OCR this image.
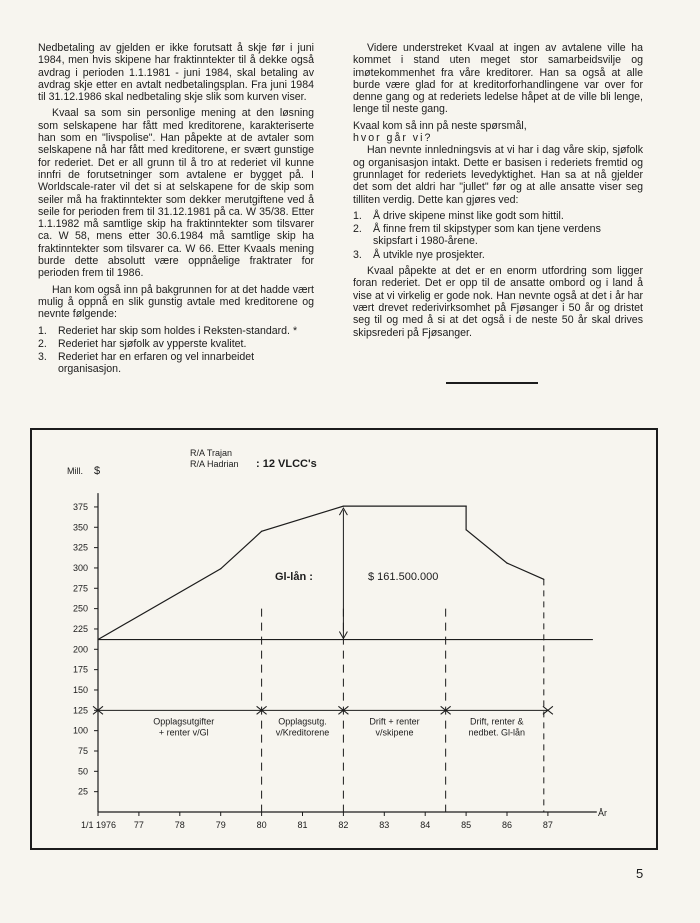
Nedbetaling av gjelden er ikke forutsatt å skje før i juni 1984, men hvis skipene har fraktinntekter til å dekke også avdrag i perioden 1.1.1981 - juni 1984, skal betaling av avdrag skje etter en avtalt nedbetalingsplan. Fra juni 1984 til 31.12.1986 skal nedbetaling skje slik som kurven viser.

Kvaal sa som sin personlige mening at den løsning som selskapene har fått med kreditorene, karakteriserte han som en "livspolise". Han påpekte at de avtaler som selskapene nå har fått med kreditorene, er svært gunstige for rederiet. Det er all grunn til å tro at rederiet vil kunne innfri de forutsetninger som avtalene er bygget på. I Worldscale-rater vil det si at selskapene for de skip som seiler må ha fraktinntekter som dekker merutgiftene ved å seile for perioden frem til 31.12.1981 på ca. W 35/38. Etter 1.1.1982 må samtlige skip ha fraktinntekter som tilsvarer ca. W 58, mens etter 30.6.1984 må samtlige skip ha fraktinntekter som tilsvarer ca. W 66. Etter Kvaals mening burde dette absolutt være oppnåelige fraktrater for perioden frem til 1986.

Han kom også inn på bakgrunnen for at det hadde vært mulig å oppnå en slik gunstig avtale med kreditorene og nevnte følgende:

1. Rederiet har skip som holdes i Reksten-standard. *
2. Rederiet har sjøfolk av ypperste kvalitet.
3. Rederiet har en erfaren og vel innarbeidet organisasjon.

Videre understreket Kvaal at ingen av avtalene ville ha kommet i stand uten meget stor samarbeidsvilje og imøtekommenhet fra våre kreditorer. Han sa også at alle burde være glad for at kreditorforhandlingene var over for denne gang og at rederiets ledelse håpet at de ville bli lenge, lenge til neste gang.

Kvaal kom så inn på neste spørsmål,

hvor går vi?

Han nevnte innledningsvis at vi har i dag våre skip, sjøfolk og organisasjon intakt. Dette er basisen i rederiets fremtid og grunnlaget for rederiets levedyktighet. Han sa at nå gjelder det som det aldri har "jullet" før og at alle ansatte viser seg tilliten verdig. Dette kan gjøres ved:

1. Å drive skipene minst like godt som hittil.
2. Å finne frem til skipstyper som kan tjene verdens skipsfart i 1980-årene.
3. Å utvikle nye prosjekter.

Kvaal påpekte at det er en enorm utfordring som ligger foran rederiet. Det er opp til de ansatte ombord og i land å vise at vi virkelig er gode nok. Han nevnte også at det i år har vært drevet rederivirksomhet på Fjøsanger i 50 år og dristet seg til og med å si at det også i de neste 50 år skal drives skipsrederi på Fjøsanger.

R/A Trajan
R/A Hadrian : 12 VLCC's
Mill. $
År
Gl-lån :	$ 161.500.000
25
50
75
100
125
150
175
200
225
250
275
300
325
350
375
1/1 1976 77	78	79	80	81	82	83	84	85	86	87
Opplagsutgifter
+ renter v/Gl
Opplagsutg.
v/Kreditorene
Drift + renter
v/skipene
Drift, renter &
nedbet. Gl-lån
5
